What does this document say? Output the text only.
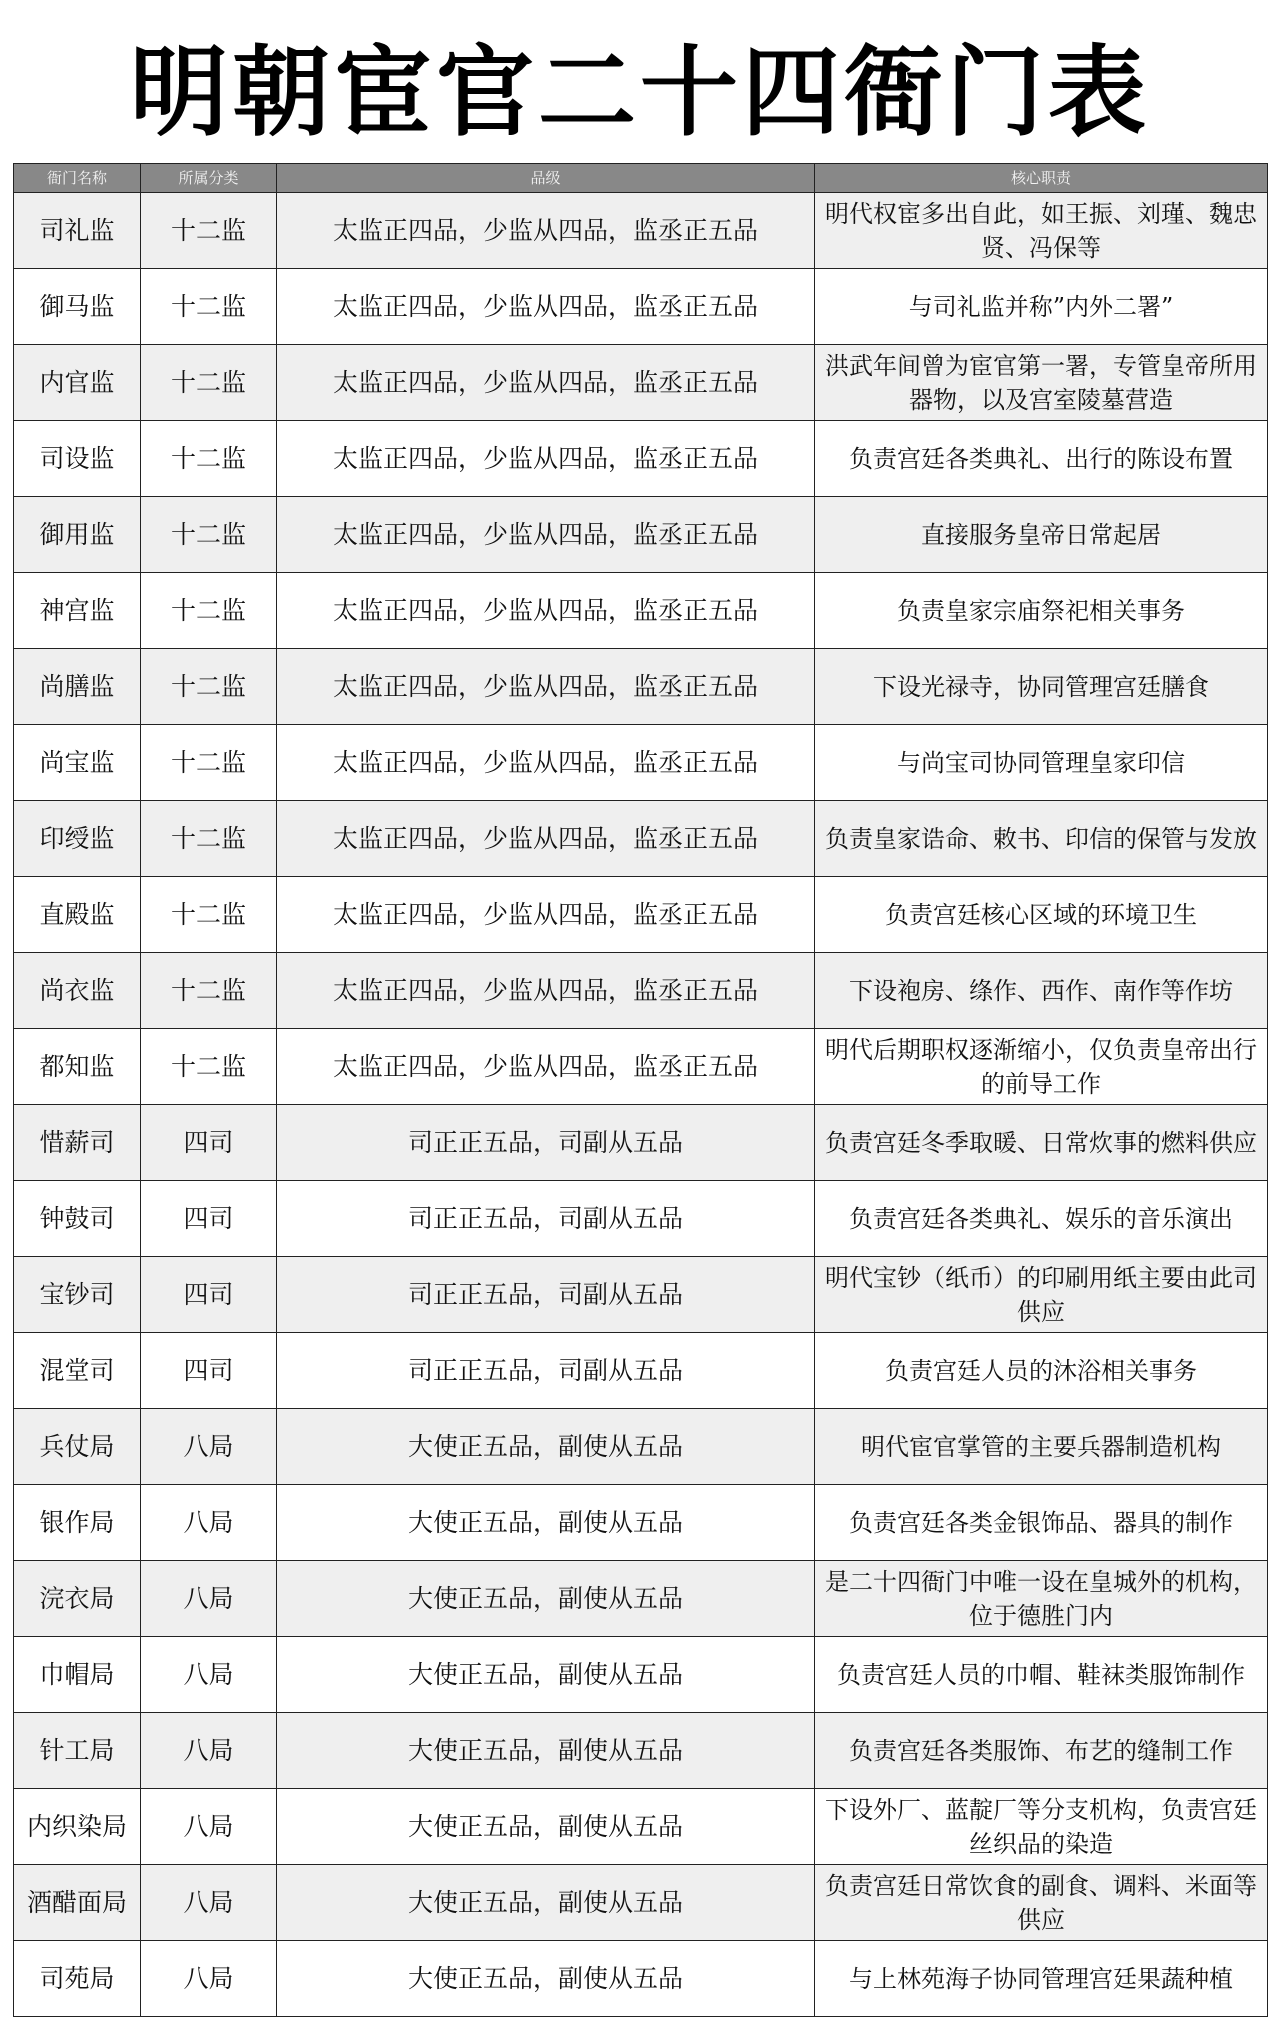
明朝宦官二十四衙门表
衙门名称	所属分类	品级	核心职责
司礼监	十二监	太监正四品，少监从四品，监丞正五品	明代权宦多出自此，如王振、刘瑾、魏忠贤、冯保等
御马监	十二监	太监正四品，少监从四品，监丞正五品	与司礼监并称”内外二署”
内官监	十二监	太监正四品，少监从四品，监丞正五品	洪武年间曾为宦官第一署，专管皇帝所用器物，以及宫室陵墓营造
司设监	十二监	太监正四品，少监从四品，监丞正五品	负责宫廷各类典礼、出行的陈设布置
御用监	十二监	太监正四品，少监从四品，监丞正五品	直接服务皇帝日常起居
神宫监	十二监	太监正四品，少监从四品，监丞正五品	负责皇家宗庙祭祀相关事务
尚膳监	十二监	太监正四品，少监从四品，监丞正五品	下设光禄寺，协同管理宫廷膳食
尚宝监	十二监	太监正四品，少监从四品，监丞正五品	与尚宝司协同管理皇家印信
印绶监	十二监	太监正四品，少监从四品，监丞正五品	负责皇家诰命、敕书、印信的保管与发放
直殿监	十二监	太监正四品，少监从四品，监丞正五品	负责宫廷核心区域的环境卫生
尚衣监	十二监	太监正四品，少监从四品，监丞正五品	下设袍房、绦作、西作、南作等作坊
都知监	十二监	太监正四品，少监从四品，监丞正五品	明代后期职权逐渐缩小，仅负责皇帝出行的前导工作
惜薪司	四司	司正正五品，司副从五品	负责宫廷冬季取暖、日常炊事的燃料供应
钟鼓司	四司	司正正五品，司副从五品	负责宫廷各类典礼、娱乐的音乐演出
宝钞司	四司	司正正五品，司副从五品	明代宝钞（纸币）的印刷用纸主要由此司供应
混堂司	四司	司正正五品，司副从五品	负责宫廷人员的沐浴相关事务
兵仗局	八局	大使正五品，副使从五品	明代宦官掌管的主要兵器制造机构
银作局	八局	大使正五品，副使从五品	负责宫廷各类金银饰品、器具的制作
浣衣局	八局	大使正五品，副使从五品	是二十四衙门中唯一设在皇城外的机构，位于德胜门内
巾帽局	八局	大使正五品，副使从五品	负责宫廷人员的巾帽、鞋袜类服饰制作
针工局	八局	大使正五品，副使从五品	负责宫廷各类服饰、布艺的缝制工作
内织染局	八局	大使正五品，副使从五品	下设外厂、蓝靛厂等分支机构，负责宫廷丝织品的染造
酒醋面局	八局	大使正五品，副使从五品	负责宫廷日常饮食的副食、调料、米面等供应
司苑局	八局	大使正五品，副使从五品	与上林苑海子协同管理宫廷果蔬种植
